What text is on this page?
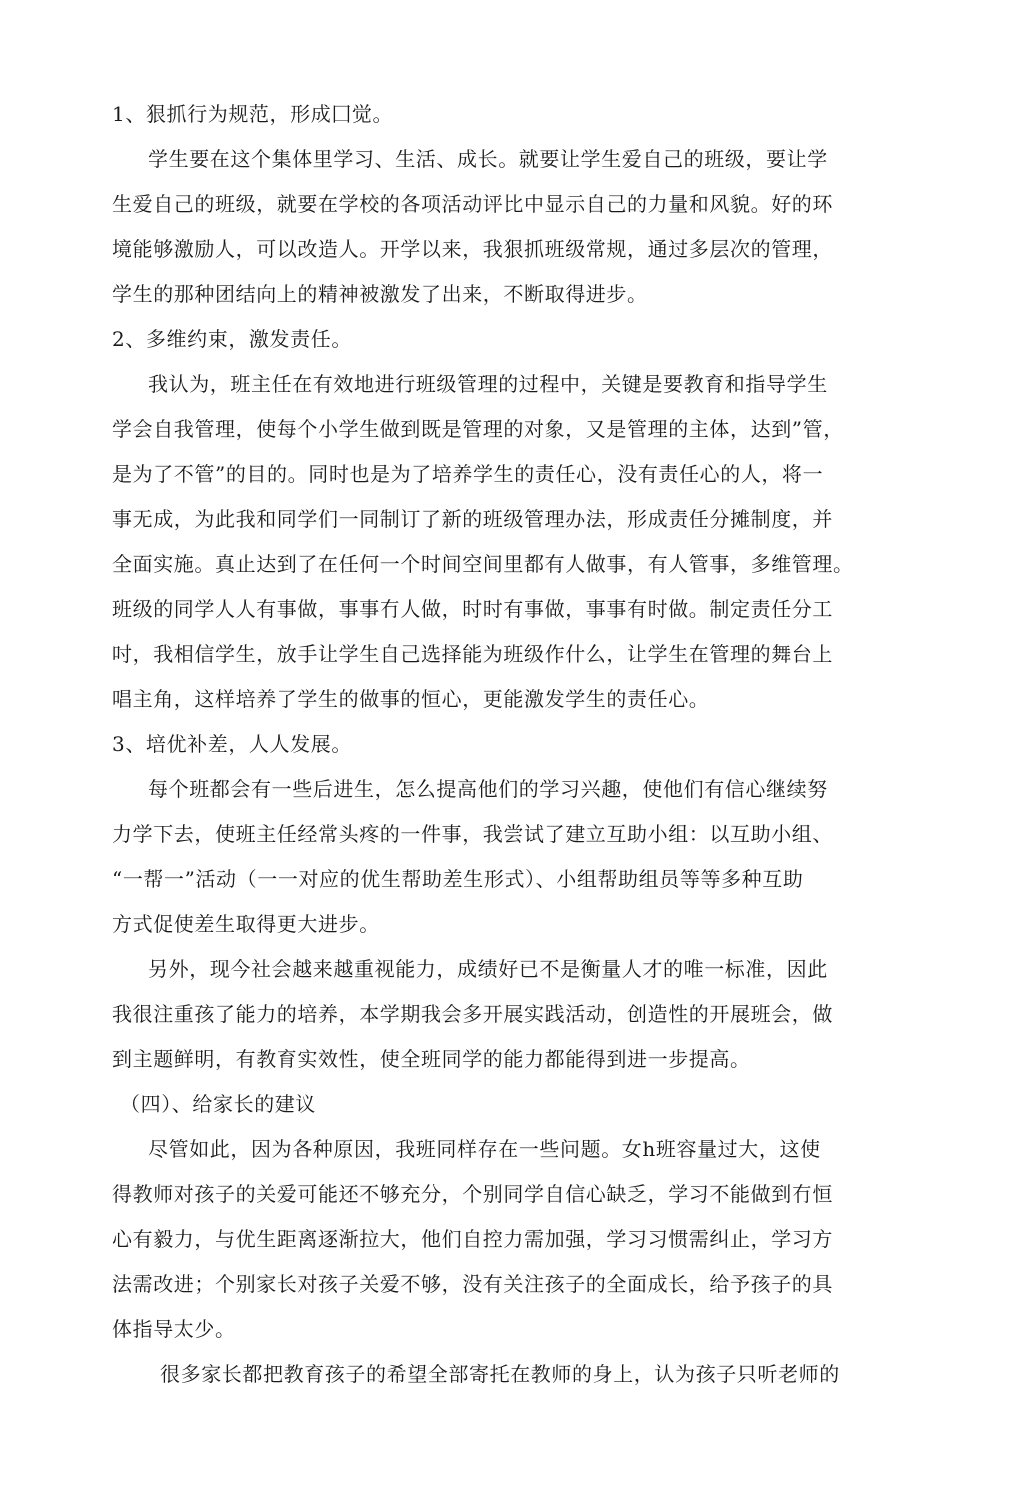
1、狠抓行为规范，形成囗觉。
学生要在这个集体里学习、生活、成长。就要让学生爱自己的班级，要让学
生爱自己的班级，就要在学校的各项活动评比中显示自己的力量和风貌。好的环
境能够激励人，可以改造人。开学以来，我狠抓班级常规，通过多层次的管理，
学生的那种团结向上的精神被激发了出来，不断取得进步。
2、多维约束，激发责任。
我认为，班主任在有效地进行班级管理的过程中，关键是要教育和指导学生
学会自我管理，使每个小学生做到既是管理的对象，又是管理的主体，达到”管，
是为了不管”的目的。同时也是为了培养学生的责任心，没有责任心的人，将一
事无成，为此我和同学们一同制订了新的班级管理办法，形成责任分摊制度，并
全面实施。真止达到了在任何一个时间空间里都有人做事，有人管事，多维管理。
班级的同学人人有事做，事事冇人做，时时有事做，事事有时做。制定责任分工
吋，我相信学生，放手让学生自己选择能为班级作什么，让学生在管理的舞台上
唱主角，这样培养了学生的做事的恒心，更能激发学生的责任心。
3、培优补差，人人发展。
每个班都会有一些后进生，怎么提高他们的学习兴趣，使他们有信心继续努
力学下去，使班主任经常头疼的一件事，我尝试了建立互助小组：以互助小组、
“一帮一”活动（一一对应的优生帮助差生形式）、小组帮助组员等等多种互助
方式促使差生取得更大进步。
另外，现今社会越来越重视能力，成绩好已不是衡量人才的唯一标准，因此
我很注重孩了能力的培养，本学期我会多开展实践活动，创造性的开展班会，做
到主题鲜明，有教育实效性，使全班同学的能力都能得到进一步提高。
（四）、给家长的建议
尽管如此，因为各种原因，我班同样存在一些问题。女h班容量过大，这使
得教师对孩子的关爱可能还不够充分，个别同学自信心缺乏，学习不能做到冇恒
心有毅力，与优生距离逐渐拉大，他们自控力需加强，学习习惯需纠止，学习方
法需改进；个别家长对孩子关爱不够，没有关注孩子的全面成长，给予孩子的具
体指导太少。
很多家长都把教育孩子的希望全部寄托在教师的身上，认为孩子只听老师的
